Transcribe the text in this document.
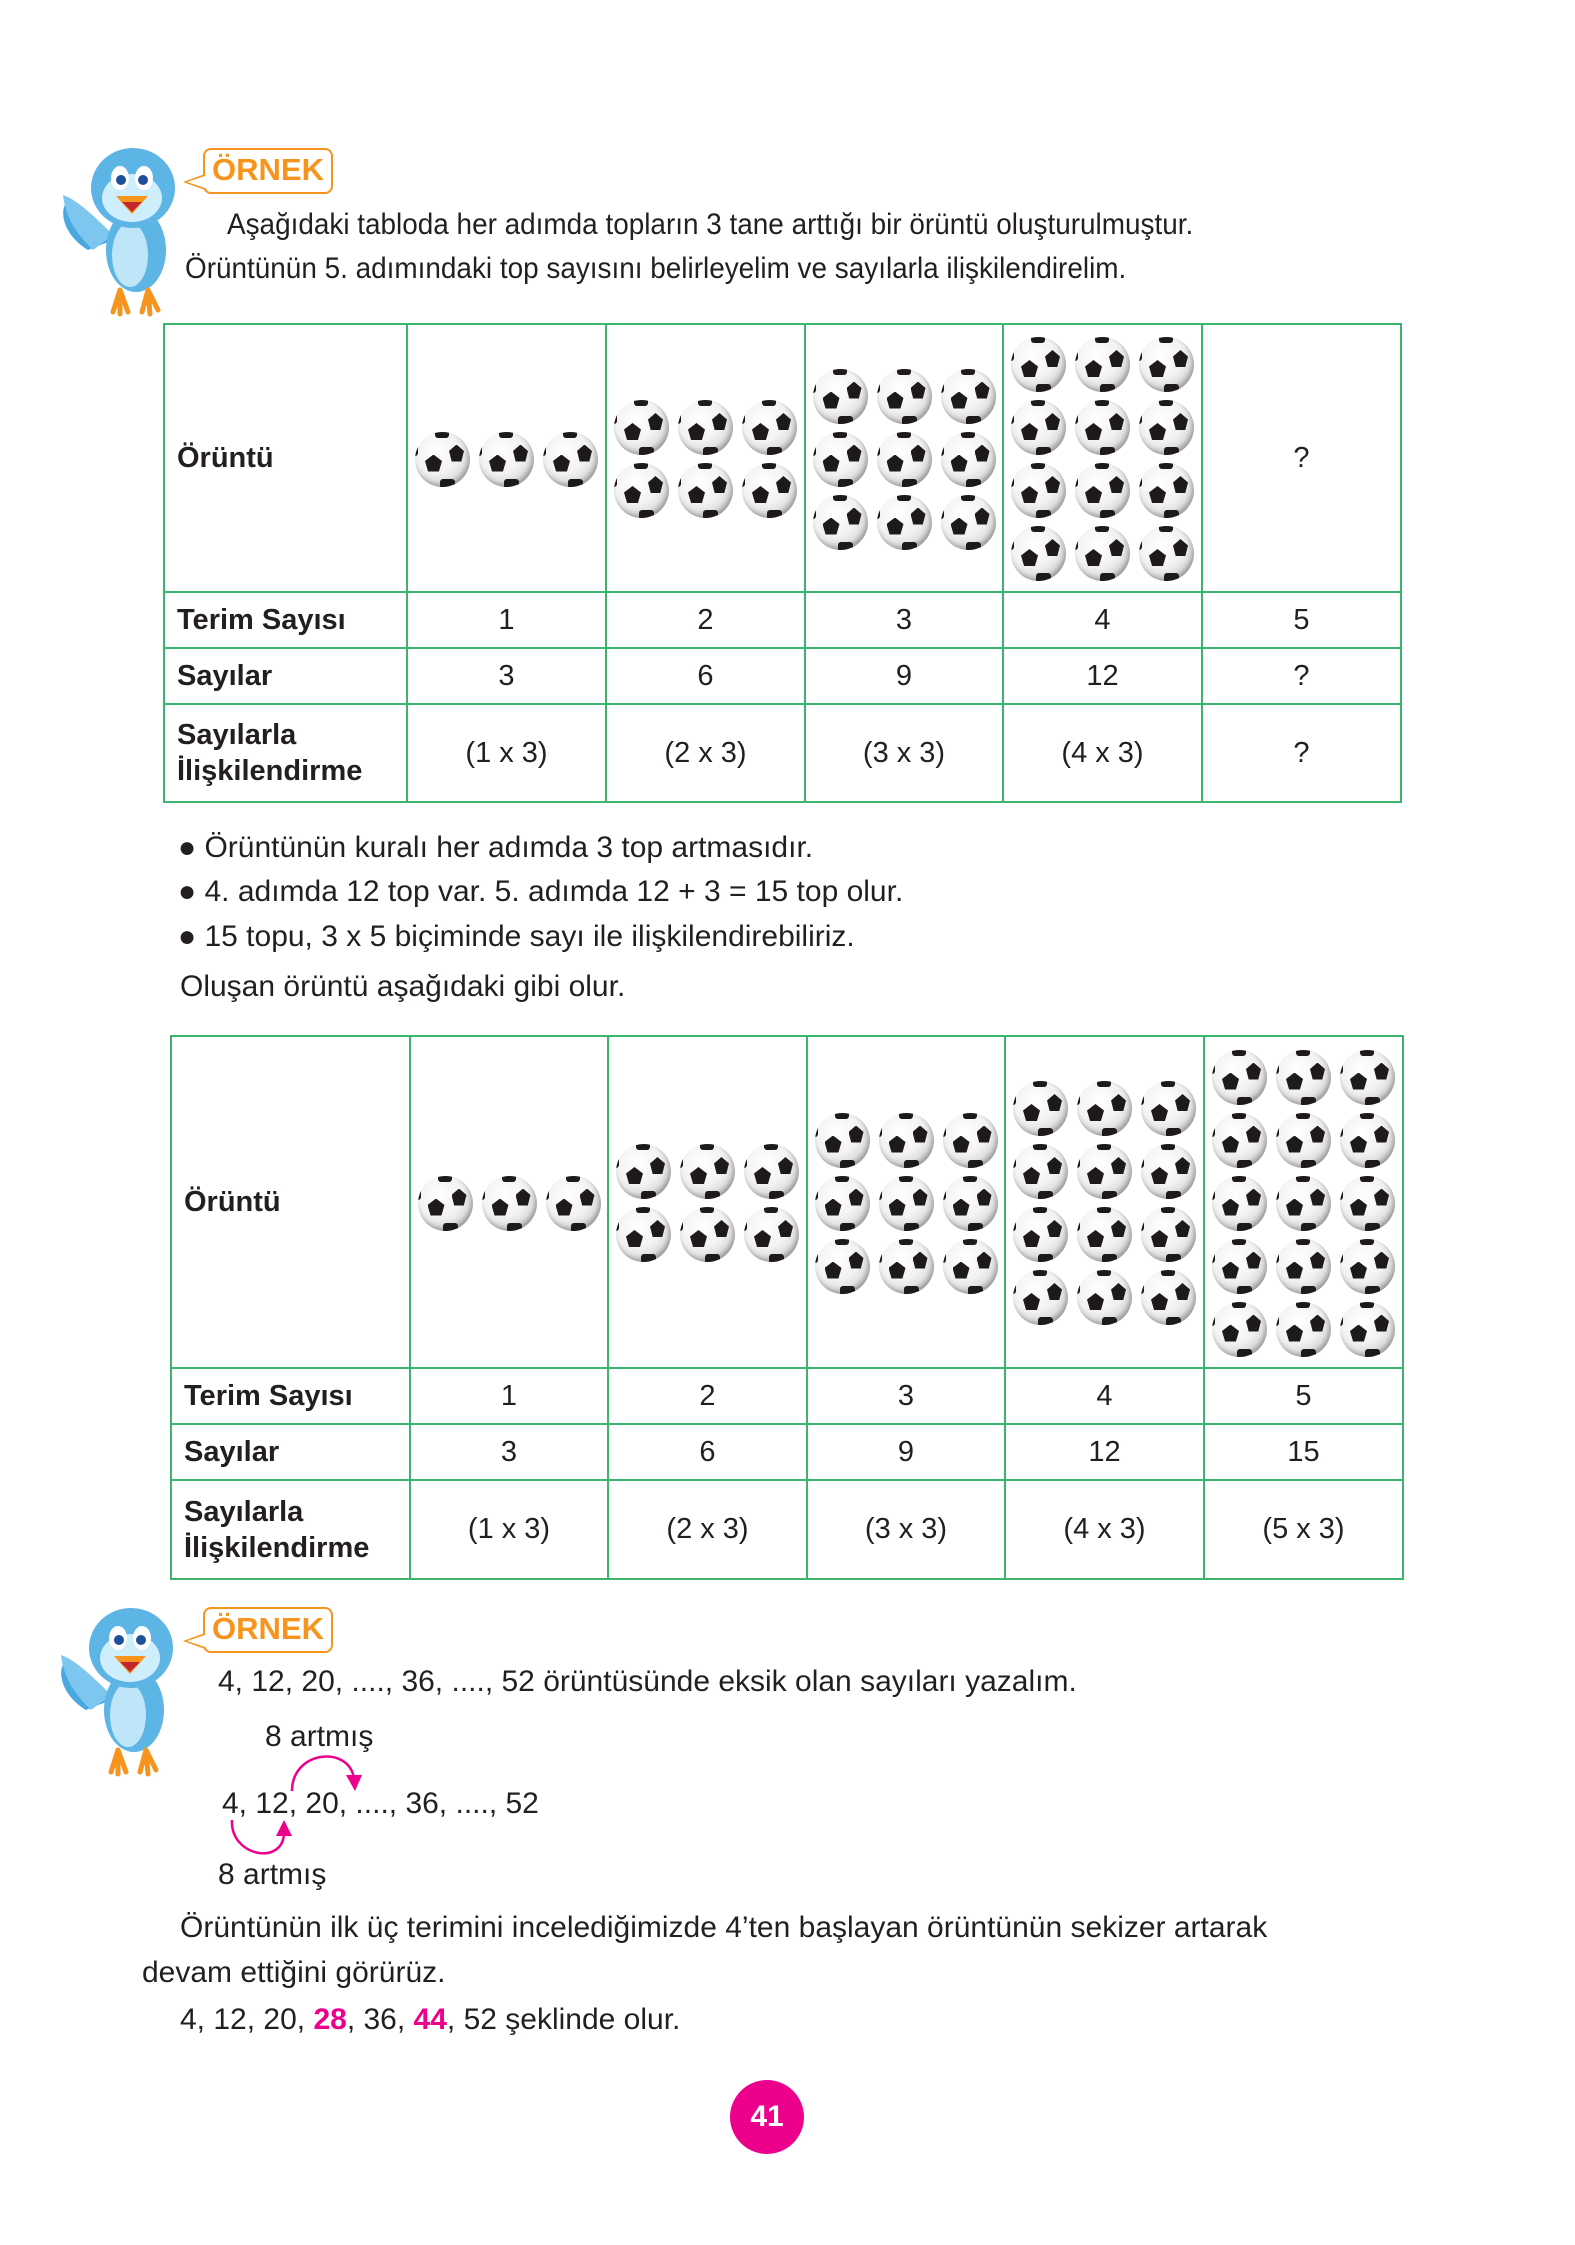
ÖRNEK
Aşağıdaki tabloda her adımda topların 3 tane arttığı bir örüntü oluşturulmuştur.
Örüntünün 5. adımındaki top sayısını belirleyelim ve sayılarla ilişkilendirelim.
Örüntü					?
Terim Sayısı	1	2	3	4	5
Sayılar	3	6	9	12	?
Sayılarla
İlişkilendirme	(1 x 3)	(2 x 3)	(3 x 3)	(4 x 3)	?
● Örüntünün kuralı her adımda 3 top artmasıdır.
● 4. adımda 12 top var. 5. adımda 12 + 3 = 15 top olur.
● 15 topu, 3 x 5 biçiminde sayı ile ilişkilendirebiliriz.
Oluşan örüntü aşağıdaki gibi olur.
Örüntü	

Terim Sayısı	1	2	3	4	5
Sayılar	3	6	9	12	15
Sayılarla
İlişkilendirme	(1 x 3)	(2 x 3)	(3 x 3)	(4 x 3)	(5 x 3)
ÖRNEK
4, 12, 20, ...., 36, ...., 52 örüntüsünde eksik olan sayıları yazalım.
8 artmış
4, 12, 20, ...., 36, ...., 52
8 artmış
Örüntünün ilk üç terimini incelediğimizde 4’ten başlayan örüntünün sekizer artarak
devam ettiğini görürüz.
4, 12, 20, 28, 36, 44, 52 şeklinde olur.
41
